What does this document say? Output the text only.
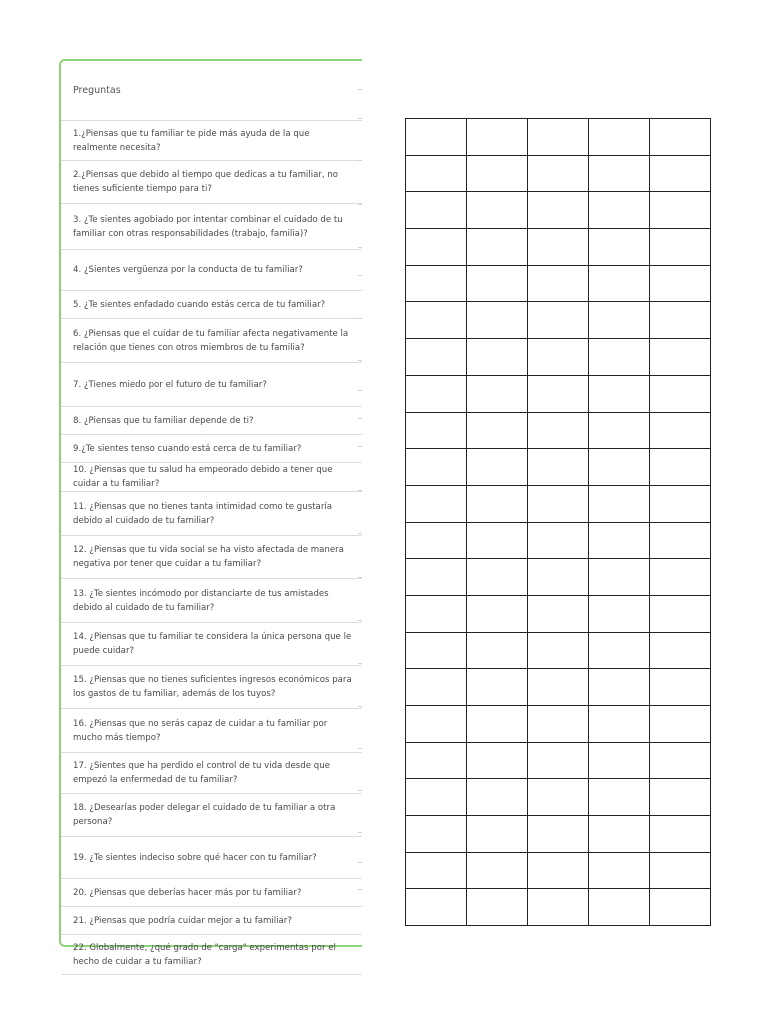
Preguntas
1.¿Piensas que tu familiar te pide más ayuda de la que realmente necesita?
2.¿Piensas que debido al tiempo que dedicas a tu familiar, no tienes suficiente tiempo para ti?
3. ¿Te sientes agobiado por intentar combinar el cuidado de tu familiar con otras responsabilidades (trabajo, familia)?
4. ¿Sientes vergüenza por la conducta de tu familiar?
5. ¿Te sientes enfadado cuando estás cerca de tu familiar?
6. ¿Piensas que el cuidar de tu familiar afecta negativamente la relación que tienes con otros miembros de tu familia?
7. ¿Tienes miedo por el futuro de tu familiar?
8. ¿Piensas que tu familiar depende de ti?
9.¿Te sientes tenso cuando está cerca de tu familiar?
10. ¿Piensas que tu salud ha empeorado debido a tener que cuidar a tu familiar?
11. ¿Piensas que no tienes tanta intimidad como te gustaría debido al cuidado de tu familiar?
12. ¿Piensas que tu vida social se ha visto afectada de manera negativa por tener que cuidar a tu familiar?
13. ¿Te sientes incómodo por distanciarte de tus amistades debido al cuidado de tu familiar?
14. ¿Piensas que tu familiar te considera la única persona que le puede cuidar?
15. ¿Piensas que no tienes suficientes ingresos económicos para los gastos de tu familiar, además de los tuyos?
16. ¿Piensas que no serás capaz de cuidar a tu familiar por mucho más tiempo?
17. ¿Sientes que ha perdido el control de tu vida desde que empezó la enfermedad de tu familiar?
18. ¿Desearías poder delegar el cuidado de tu familiar a otra persona?
19. ¿Te sientes indeciso sobre qué hacer con tu familiar?
20. ¿Piensas que deberías hacer más por tu familiar?
21. ¿Piensas que podría cuidar mejor a tu familiar?
22. Globalmente, ¿qué grado de "carga" experimentas por el hecho de cuidar a tu familiar?
